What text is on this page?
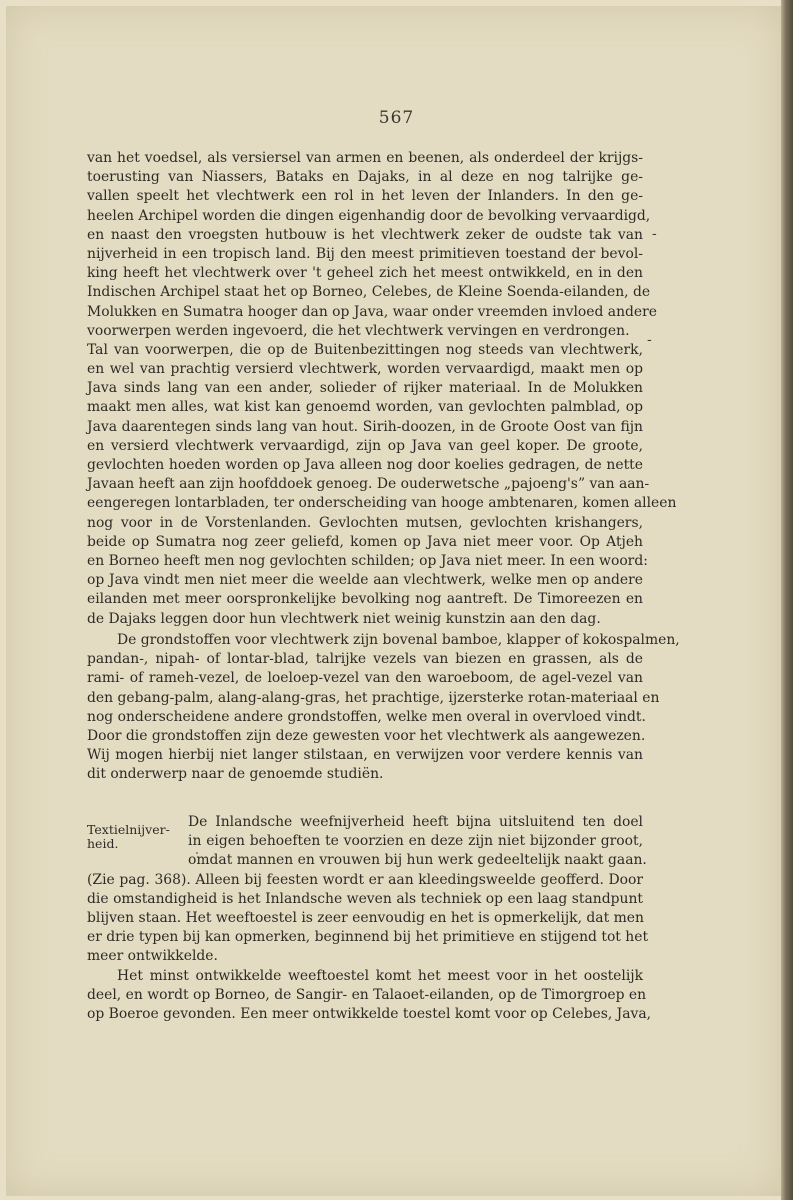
567
van het voedsel, als versiersel van armen en beenen, als onderdeel der krijgs-
toerusting van Niassers, Bataks en Dajaks, in al deze en nog talrijke ge-
vallen speelt het vlechtwerk een rol in het leven der Inlanders. In den ge-
heelen Archipel worden die dingen eigenhandig door de bevolking vervaardigd,
en naast den vroegsten hutbouw is het vlechtwerk zeker de oudste tak van
nijverheid in een tropisch land. Bij den meest primitieven toestand der bevol-
king heeft het vlechtwerk over 't geheel zich het meest ontwikkeld, en in den
Indischen Archipel staat het op Borneo, Celebes, de Kleine Soenda-eilanden, de
Molukken en Sumatra hooger dan op Java, waar onder vreemden invloed andere
voorwerpen werden ingevoerd, die het vlechtwerk vervingen en verdrongen.
Tal van voorwerpen, die op de Buitenbezittingen nog steeds van vlechtwerk,
en wel van prachtig versierd vlechtwerk, worden vervaardigd, maakt men op
Java sinds lang van een ander, solieder of rijker materiaal. In de Molukken
maakt men alles, wat kist kan genoemd worden, van gevlochten palmblad, op
Java daarentegen sinds lang van hout. Sirih-doozen, in de Groote Oost van fijn
en versierd vlechtwerk vervaardigd, zijn op Java van geel koper. De groote,
gevlochten hoeden worden op Java alleen nog door koelies gedragen, de nette
Javaan heeft aan zijn hoofddoek genoeg. De ouderwetsche „pajoeng's” van aan-
eengeregen lontarbladen, ter onderscheiding van hooge ambtenaren, komen alleen
nog voor in de Vorstenlanden. Gevlochten mutsen, gevlochten krishangers,
beide op Sumatra nog zeer geliefd, komen op Java niet meer voor. Op Atjeh
en Borneo heeft men nog gevlochten schilden; op Java niet meer. In een woord:
op Java vindt men niet meer die weelde aan vlechtwerk, welke men op andere
eilanden met meer oorspronkelijke bevolking nog aantreft. De Timoreezen en
de Dajaks leggen door hun vlechtwerk niet weinig kunstzin aan den dag.
De grondstoffen voor vlechtwerk zijn bovenal bamboe, klapper of kokospalmen,
pandan-, nipah- of lontar-blad, talrijke vezels van biezen en grassen, als de
rami- of rameh-vezel, de loeloep-vezel van den waroeboom, de agel-vezel van
den gebang-palm, alang-alang-gras, het prachtige, ijzersterke rotan-materiaal en
nog onderscheidene andere grondstoffen, welke men overal in overvloed vindt.
Door die grondstoffen zijn deze gewesten voor het vlechtwerk als aangewezen.
Wij mogen hierbij niet langer stilstaan, en verwijzen voor verdere kennis van
dit onderwerp naar de genoemde studiën.
Textielnijver-
heid.
De Inlandsche weefnijverheid heeft bijna uitsluitend ten doel
in eigen behoeften te voorzien en deze zijn niet bijzonder groot,
omdat mannen en vrouwen bij hun werk gedeeltelijk naakt gaan.
(Zie pag. 368). Alleen bij feesten wordt er aan kleedingsweelde geofferd. Door
die omstandigheid is het Inlandsche weven als techniek op een laag standpunt
blijven staan. Het weeftoestel is zeer eenvoudig en het is opmerkelijk, dat men
er drie typen bij kan opmerken, beginnend bij het primitieve en stijgend tot het
meer ontwikkelde.
Het minst ontwikkelde weeftoestel komt het meest voor in het oostelijk
deel, en wordt op Borneo, de Sangir- en Talaoet-eilanden, op de Timorgroep en
op Boeroe gevonden. Een meer ontwikkelde toestel komt voor op Celebes, Java,
-
-
